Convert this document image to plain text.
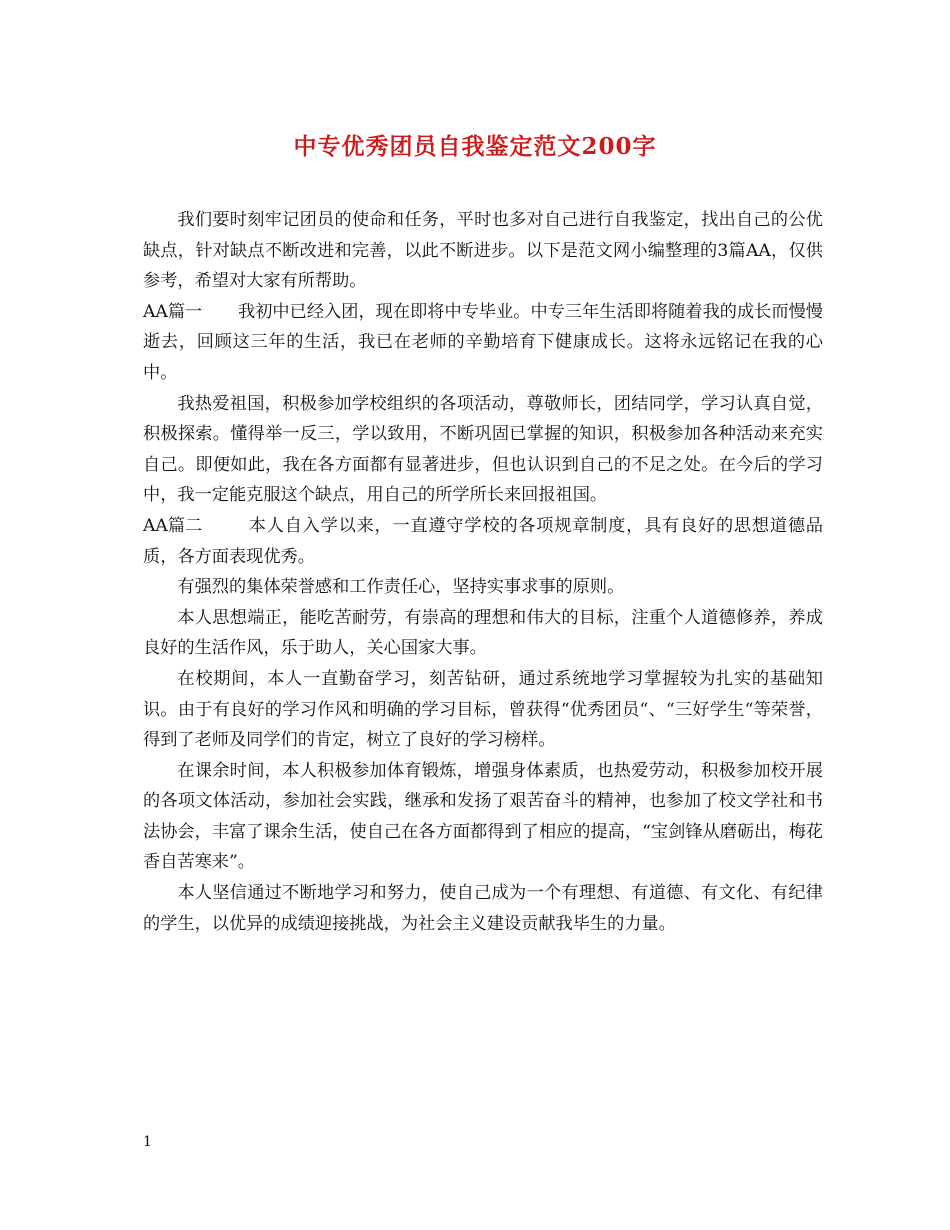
中专优秀团员自我鉴定范文200字

我们要时刻牢记团员的使命和任务，平时也多对自己进行自我鉴定，找出自己的公优缺点，针对缺点不断改进和完善，以此不断进步。以下是范文网小编整理的3篇AA，仅供参考，希望对大家有所帮助。

AA篇一 我初中已经入团，现在即将中专毕业。中专三年生活即将随着我的成长而慢慢逝去，回顾这三年的生活，我已在老师的辛勤培育下健康成长。这将永远铭记在我的心中。

我热爱祖国，积极参加学校组织的各项活动，尊敬师长，团结同学，学习认真自觉，积极探索。懂得举一反三，学以致用，不断巩固已掌握的知识，积极参加各种活动来充实自己。即便如此，我在各方面都有显著进步，但也认识到自己的不足之处。在今后的学习中，我一定能克服这个缺点，用自己的所学所长来回报祖国。

AA篇二	本人自入学以来，一直遵守学校的各项规章制度，具有良好的思想道德品质，各方面表现优秀。

有强烈的集体荣誉感和工作责任心，坚持实事求事的原则。

本人思想端正，能吃苦耐劳，有崇高的理想和伟大的目标，注重个人道德修养，养成良好的生活作风，乐于助人，关心国家大事。

在校期间，本人一直勤奋学习，刻苦钻研，通过系统地学习掌握较为扎实的基础知识。由于有良好的学习作风和明确的学习目标，曾获得“优秀团员“、“三好学生“等荣誉，得到了老师及同学们的肯定，树立了良好的学习榜样。

在课余时间，本人积极参加体育锻炼，增强身体素质，也热爱劳动，积极参加校开展的各项文体活动，参加社会实践，继承和发扬了艰苦奋斗的精神，也参加了校文学社和书法协会，丰富了课余生活，使自己在各方面都得到了相应的提高，“宝剑锋从磨砺出，梅花香自苦寒来”。

本人坚信通过不断地学习和努力，使自己成为一个有理想、有道德、有文化、有纪律的学生，以优异的成绩迎接挑战，为社会主义建设贡献我毕生的力量。

1
